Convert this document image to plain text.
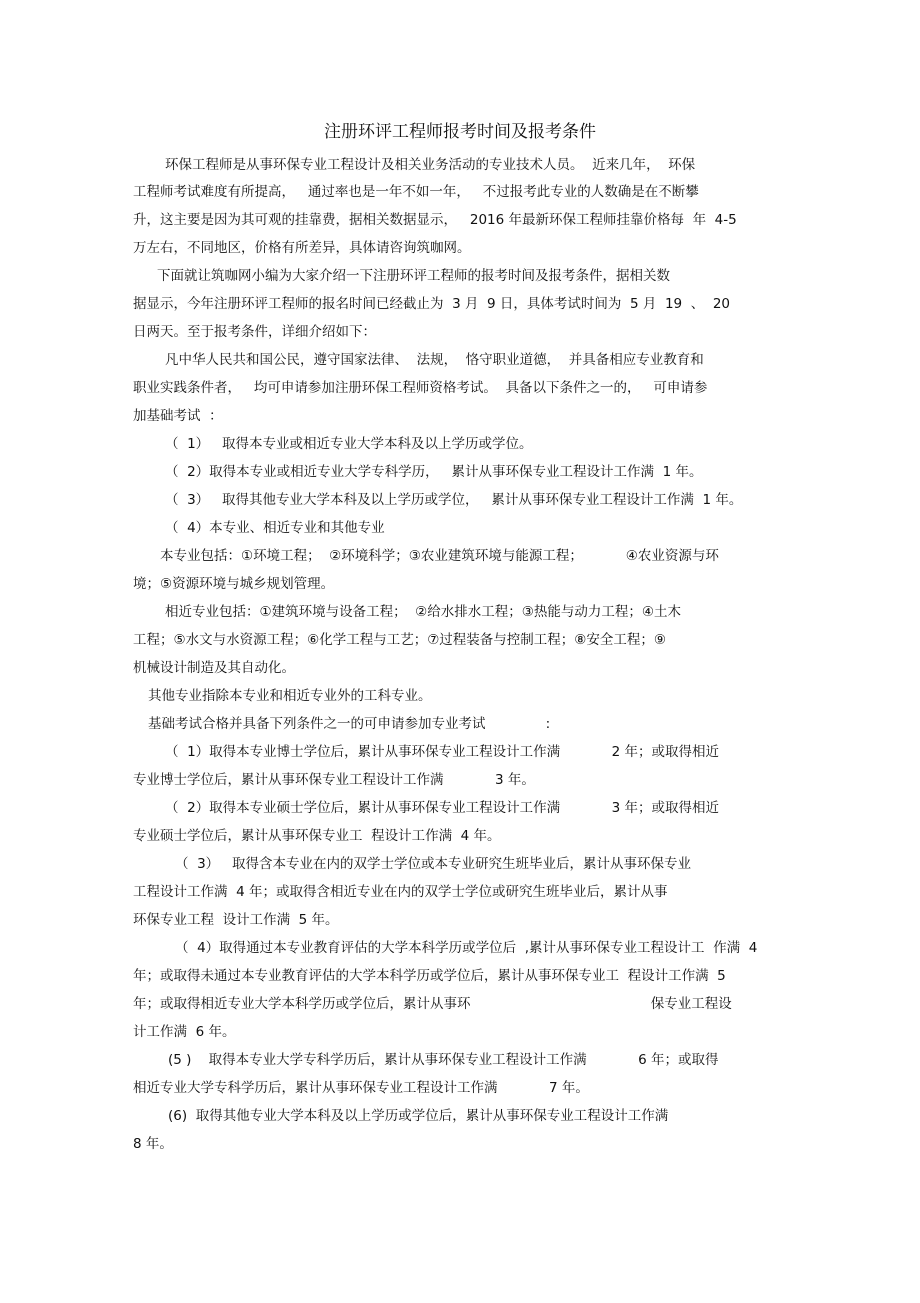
注册环评工程师报考时间及报考条件
环保工程师是从事环保专业工程设计及相关业务活动的专业技术人员。  近来几年，  环保
工程师考试难度有所提高，   通过率也是一年不如一年，   不过报考此专业的人数确是在不断攀
升，这主要是因为其可观的挂靠费，据相关数据显示，   2016 年最新环保工程师挂靠价格每  年  4-5
万左右，不同地区，价格有所差异，具体请咨询筑咖网。
下面就让筑咖网小编为大家介绍一下注册环评工程师的报考时间及报考条件，据相关数
据显示，今年注册环评工程师的报名时间已经截止为  3 月  9 日，具体考试时间为  5 月  19  、  20
日两天。至于报考条件，详细介绍如下：
凡中华人民共和国公民，遵守国家法律、  法规，  恪守职业道德，  并具备相应专业教育和
职业实践条件者，   均可申请参加注册环保工程师资格考试。  具备以下条件之一的，   可申请参
加基础考试  ：
（  1）   取得本专业或相近专业大学本科及以上学历或学位。
（  2）取得本专业或相近专业大学专科学历，   累计从事环保专业工程设计工作满  1 年。
（  3）   取得其他专业大学本科及以上学历或学位，   累计从事环保专业工程设计工作满  1 年。
（  4）本专业、相近专业和其他专业
本专业包括：①环境工程；  ②环境科学；③农业建筑环境与能源工程；          ④农业资源与环
境；⑤资源环境与城乡规划管理。
相近专业包括：①建筑环境与设备工程；  ②给水排水工程；③热能与动力工程；④土木
工程；⑤水文与水资源工程；⑥化学工程与工艺；⑦过程装备与控制工程；⑧安全工程；⑨
机械设计制造及其自动化。
其他专业指除本专业和相近专业外的工科专业。
基础考试合格并具备下列条件之一的可申请参加专业考试              :
（  1）取得本专业博士学位后，累计从事环保专业工程设计工作满            2 年；或取得相近
专业博士学位后，累计从事环保专业工程设计工作满            3 年。
（  2）取得本专业硕士学位后，累计从事环保专业工程设计工作满            3 年；或取得相近
专业硕士学位后，累计从事环保专业工  程设计工作满  4 年。
（  3）   取得含本专业在内的双学士学位或本专业研究生班毕业后，累计从事环保专业
工程设计工作满  4 年；或取得含相近专业在内的双学士学位或研究生班毕业后，累计从事
环保专业工程  设计工作满  5 年。
（  4）取得通过本专业教育评估的大学本科学历或学位后  ,累计从事环保专业工程设计工  作满  4
年；或取得未通过本专业教育评估的大学本科学历或学位后，累计从事环保专业工  程设计工作满  5
年；或取得相近专业大学本科学历或学位后，累计从事环                                          保专业工程设
计工作满  6 年。
(5 )    取得本专业大学专科学历后，累计从事环保专业工程设计工作满            6 年；或取得
相近专业大学专科学历后，累计从事环保专业工程设计工作满            7 年。
(6)  取得其他专业大学本科及以上学历或学位后，累计从事环保专业工程设计工作满
8 年。
